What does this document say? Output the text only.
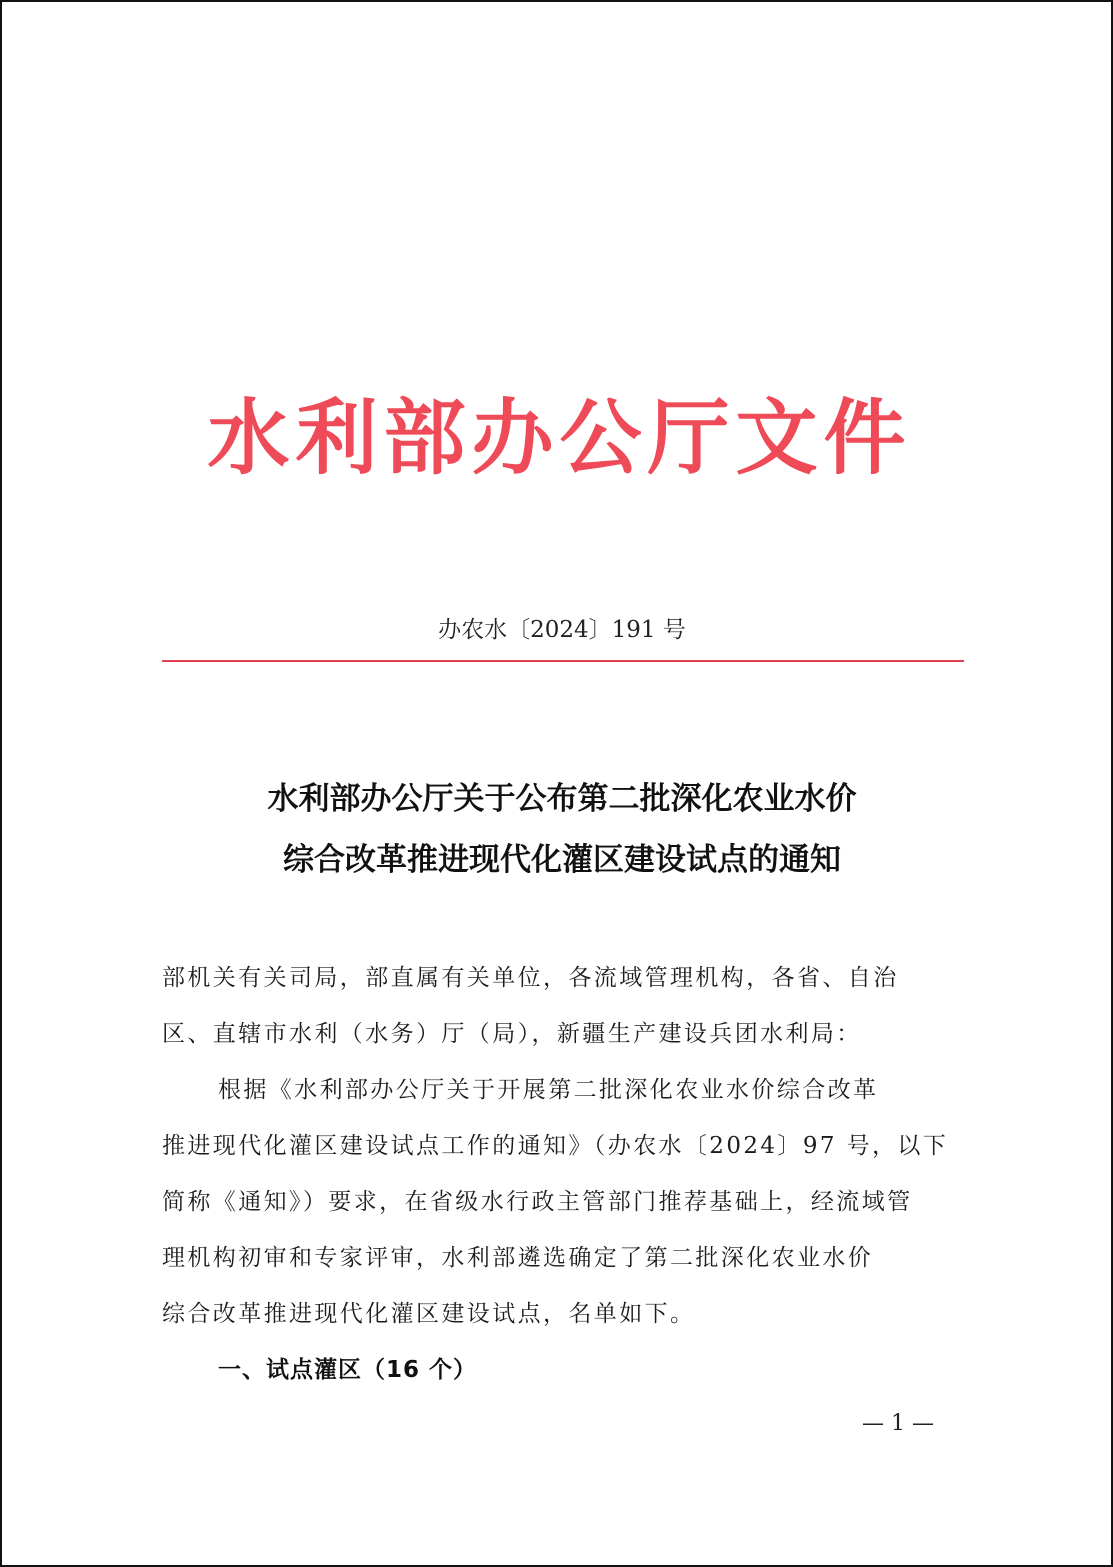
水利部办公厅文件
办农水〔2024〕191 号
水利部办公厅关于公布第二批深化农业水价
综合改革推进现代化灌区建设试点的通知
部机关有关司局，部直属有关单位，各流域管理机构，各省、自治
区、直辖市水利（水务）厅（局），新疆生产建设兵团水利局：
根据《水利部办公厅关于开展第二批深化农业水价综合改革
推进现代化灌区建设试点工作的通知》（办农水〔2024〕97 号，以下
简称《通知》）要求，在省级水行政主管部门推荐基础上，经流域管
理机构初审和专家评审，水利部遴选确定了第二批深化农业水价
综合改革推进现代化灌区建设试点，名单如下。
一、试点灌区（16 个）
— 1 —
